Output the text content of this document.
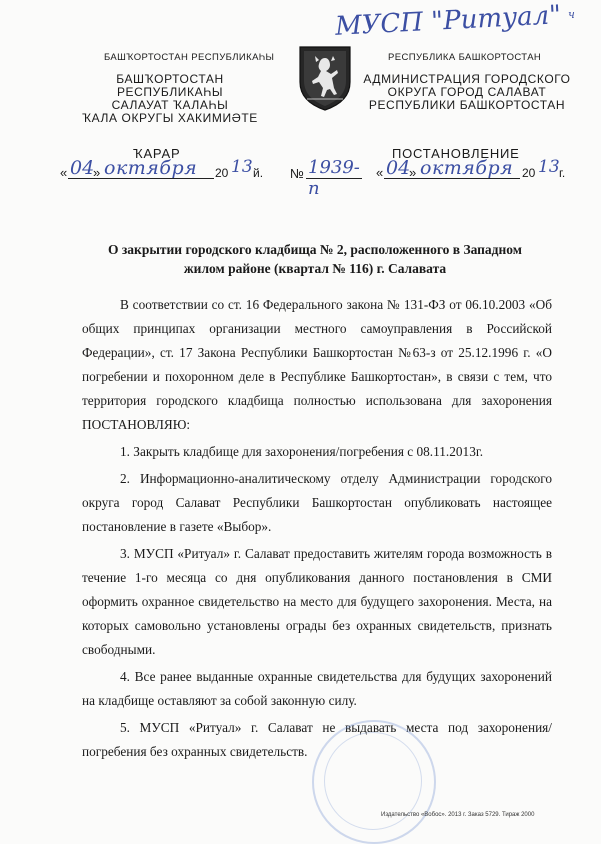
МУСП "Ритуал" ч
БАШҠОРТОСТАН РЕСПУБЛИКАҺЫ	РЕСПУБЛИКА БАШКОРТОСТАН
БАШҠОРТОСТАН РЕСПУБЛИКАҺЫ
САЛАУАТ ҠАЛАҺЫ
ҠАЛА ОКРУГЫ ХАКИМИӘТЕ
АДМИНИСТРАЦИЯ ГОРОДСКОГО
ОКРУГА ГОРОД САЛАВАТ
РЕСПУБЛИКИ БАШКОРТОСТАН
ҠАРАР	ПОСТАНОВЛЕНИЕ
« 04
» октября 20 13 й. № 1939-п
« 04
» октября 20 13 г.
О закрытии городского кладбища № 2, расположенного в Западном
жилом районе (квартал № 116) г. Салавата
В соответствии со ст. 16 Федерального закона № 131-ФЗ от 06.10.2003 «Об общих принципах организации местного самоуправления в Российской Федерации», ст. 17 Закона Республики Башкортостан №63-з от 25.12.1996 г. «О погребении и похоронном деле в Республике Башкортостан», в связи с тем, что территория городского кладбища полностью использована для захоронения ПОСТАНОВЛЯЮ:
1. Закрыть кладбище для захоронения/погребения с 08.11.2013г.
2. Информационно-аналитическому отделу Администрации городского округа город Салават Республики Башкортостан опубликовать настоящее постановление в газете «Выбор».
3. МУСП «Ритуал» г. Салават предоставить жителям города возможность в течение 1-го месяца со дня опубликования данного постановления в СМИ оформить охранное свидетельство на место для будущего захоронения. Места, на которых самовольно установлены ограды без охранных свидетельств, признать свободными.
4. Все ранее выданные охранные свидетельства для будущих захоронений на кладбище оставляют за собой законную силу.
5. МУСП «Ритуал» г. Салават не выдавать места под захоронения/погребения без охранных свидетельств.
Издательство «Вобос». 2013 г. Заказ 5729. Тираж 2000
